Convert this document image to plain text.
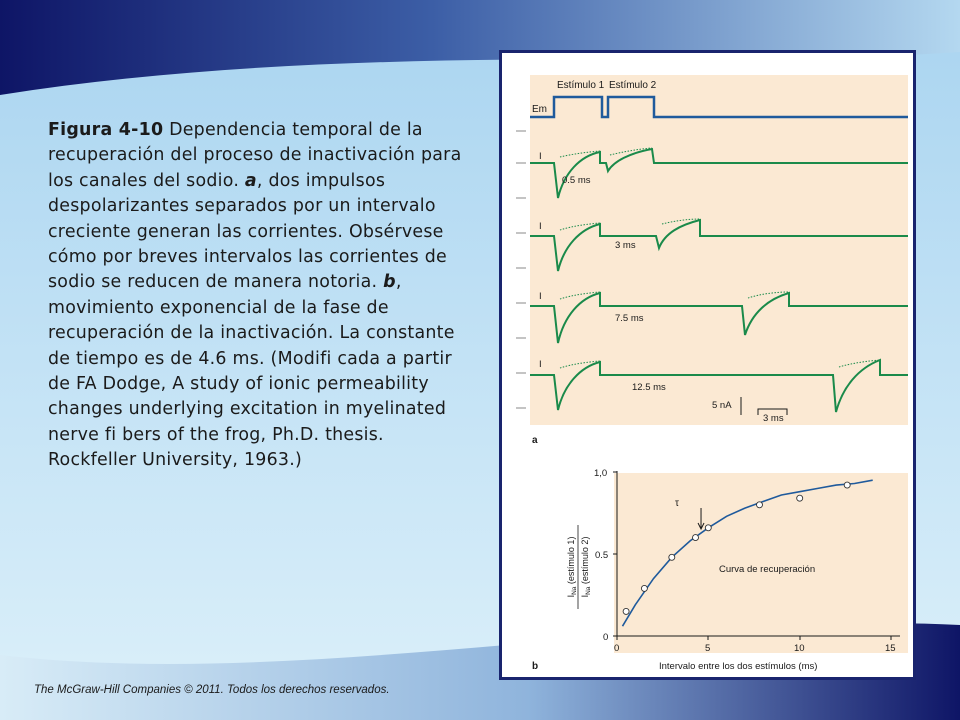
Figura 4-10 Dependencia temporal de la recuperación del proceso de inactivación para los canales del sodio. a, dos impulsos despolarizantes separados por un intervalo creciente generan las corrientes. Obsérvese cómo por breves intervalos las corrientes de sodio se reducen de manera notoria. b, movimiento exponencial de la fase de recuperación de la inactivación. La constante de tiempo es de 4.6 ms. (Modifi cada a partir de FA Dodge, A study of ionic permeability changes underlying excitation in myelinated nerve fi bers of the frog, Ph.D. thesis. Rockfeller University, 1963.)
The McGraw-Hill Companies © 2011. Todos los derechos reservados.
Em
Estímulo 1 Estímulo 2
I
0.5 ms
I
3 ms
I
7.5 ms
I
12.5 ms
5 nA
3 ms
a
1,0
0.5
0
0	5	10	15
Intervalo entre los dos estímulos (ms)
b
$I_{Na}$ (estímulo 1)
$I_{Na}$ (estímulo 2)	Curva de recuperación
τ
